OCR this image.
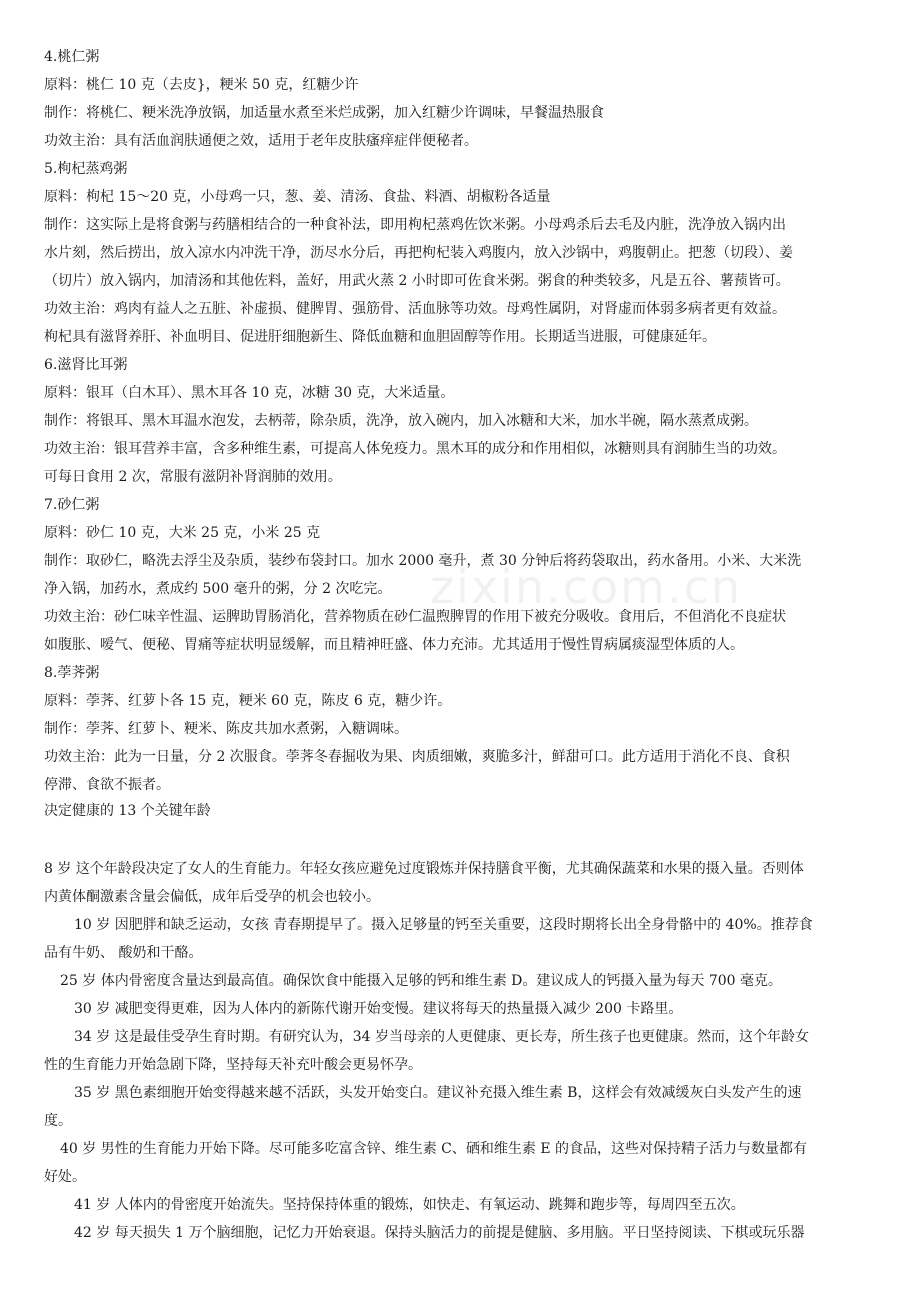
zixin.com.cn
4.桃仁粥
原料：桃仁 10 克（去皮}，粳米 50 克，红糖少许
制作：将桃仁、粳米洗净放锅，加适量水煮至米烂成粥，加入红糖少许调味，早餐温热服食
功效主治：具有活血润肤通便之效，适用于老年皮肤瘙痒症伴便秘者。
5.枸杞蒸鸡粥
原料：枸杞 15～20 克，小母鸡一只，葱、姜、清汤、食盐、料酒、胡椒粉各适量
制作：这实际上是将食粥与药膳相结合的一种食补法，即用枸杞蒸鸡佐饮米粥。小母鸡杀后去毛及内脏，洗净放入锅内出
水片刻，然后捞出，放入凉水内冲洗干净，沥尽水分后，再把枸杞装入鸡腹内，放入沙锅中，鸡腹朝止。把葱（切段）、姜
（切片）放入锅内，加清汤和其他佐料，盖好，用武火蒸 2 小时即可佐食米粥。粥食的种类较多，凡是五谷、薯蓣皆可。
功效主治：鸡肉有益人之五脏、补虚损、健脾胃、强筋骨、活血脉等功效。母鸡性属阴，对肾虚而体弱多病者更有效益。
枸杞具有滋肾养肝、补血明目、促进肝细胞新生、降低血糖和血胆固醇等作用。长期适当进服，可健康延年。
6.滋肾比耳粥
原料：银耳（白木耳）、黑木耳各 10 克，冰糖 30 克，大米适量。
制作：将银耳、黑木耳温水泡发，去柄蒂，除杂质，洗净，放入碗内，加入冰糖和大米，加水半碗，隔水蒸煮成粥。
功效主治：银耳营养丰富，含多种维生素，可提高人体免疫力。黑木耳的成分和作用相似，冰糖则具有润肺生当的功效。
可每日食用 2 次，常服有滋阴补肾润肺的效用。
7.砂仁粥
原料：砂仁 10 克，大米 25 克，小米 25 克
制作：取砂仁，略洗去浮尘及杂质，装纱布袋封口。加水 2000 毫升，煮 30 分钟后将药袋取出，药水备用。小米、大米洗
净入锅，加药水，煮成约 500 毫升的粥，分 2 次吃完。
功效主治：砂仁味辛性温、运脾助胃肠消化，营养物质在砂仁温煦脾胃的作用下被充分吸收。食用后，不但消化不良症状
如腹胀、嗳气、便秘、胃痛等症状明显缓解，而且精神旺盛、体力充沛。尤其适用于慢性胃病属痰湿型体质的人。
8.荸荠粥
原料：荸荠、红萝卜各 15 克，粳米 60 克，陈皮 6 克，糖少许。
制作：荸荠、红萝卜、粳米、陈皮共加水煮粥，入糖调味。
功效主治：此为一日量，分 2 次服食。荸荠冬春掘收为果、肉质细嫩，爽脆多汁，鲜甜可口。此方适用于消化不良、食积
停滞、食欲不振者。
决定健康的 13 个关键年龄
8 岁 这个年龄段决定了女人的生育能力。年轻女孩应避免过度锻炼并保持膳食平衡，尤其确保蔬菜和水果的摄入量。否则体
内黄体酮激素含量会偏低，成年后受孕的机会也较小。
10 岁 因肥胖和缺乏运动，女孩 青春期提早了。摄入足够量的钙至关重要，这段时期将长出全身骨骼中的 40%。推荐食
品有牛奶、 酸奶和干酪。
25 岁 体内骨密度含量达到最高值。确保饮食中能摄入足够的钙和维生素 D。建议成人的钙摄入量为每天 700 毫克。
30 岁 减肥变得更难，因为人体内的新陈代谢开始变慢。建议将每天的热量摄入减少 200 卡路里。
34 岁 这是最佳受孕生育时期。有研究认为，34 岁当母亲的人更健康、更长寿，所生孩子也更健康。然而，这个年龄女
性的生育能力开始急剧下降，坚持每天补充叶酸会更易怀孕。
35 岁 黑色素细胞开始变得越来越不活跃，头发开始变白。建议补充摄入维生素 B，这样会有效减缓灰白头发产生的速
度。
40 岁 男性的生育能力开始下降。尽可能多吃富含锌、维生素 C、硒和维生素 E 的食品，这些对保持精子活力与数量都有
好处。
41 岁 人体内的骨密度开始流失。坚持保持体重的锻炼，如快走、有氧运动、跳舞和跑步等，每周四至五次。
42 岁 每天损失 1 万个脑细胞，记忆力开始衰退。保持头脑活力的前提是健脑、多用脑。平日坚持阅读、下棋或玩乐器
